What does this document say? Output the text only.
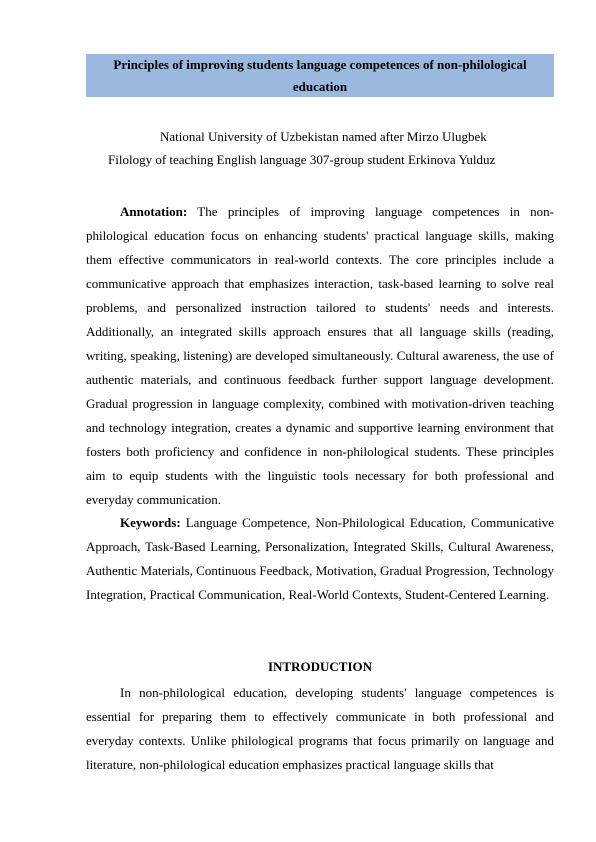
Principles of improving students language competences of non-philological
education
National University of Uzbekistan named after Mirzo Ulugbek
Filology of teaching English language 307-group student Erkinova Yulduz

Annotation: The principles of improving language competences in non-philological education focus on enhancing students' practical language skills, making them effective communicators in real-world contexts. The core principles include a communicative approach that emphasizes interaction, task-based learning to solve real problems, and personalized instruction tailored to students' needs and interests. Additionally, an integrated skills approach ensures that all language skills (reading, writing, speaking, listening) are developed simultaneously. Cultural awareness, the use of authentic materials, and continuous feedback further support language development. Gradual progression in language complexity, combined with motivation-driven teaching and technology integration, creates a dynamic and supportive learning environment that fosters both proficiency and confidence in non-philological students. These principles aim to equip students with the linguistic tools necessary for both professional and everyday communication.

Keywords: Language Competence, Non-Philological Education, Communicative Approach, Task-Based Learning, Personalization, Integrated Skills, Cultural Awareness, Authentic Materials, Continuous Feedback, Motivation, Gradual Progression, Technology Integration, Practical Communication, Real-World Contexts, Student-Centered Learning.

INTRODUCTION

In non-philological education, developing students' language competences is essential for preparing them to effectively communicate in both professional and everyday contexts. Unlike philological programs that focus primarily on language and literature, non-philological education emphasizes practical language skills that
